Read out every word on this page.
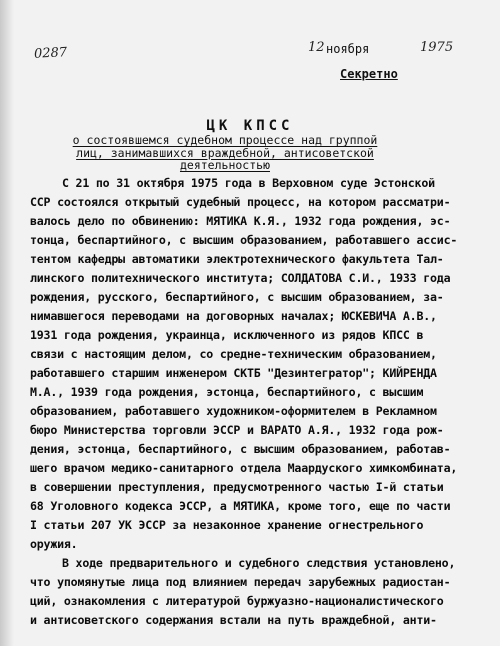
0287	12 ноября	1975
Секретно
ЦК КПСС
о состоявшемся судебном процессе над группой
лиц, занимавшихся враждебной, антисоветской
деятельностью

С 21 по 31 октября 1975 года в Верховном суде Эстонской
ССР состоялся открытый судебный процесс, на котором рассматри-
валось дело по обвинению: МЯТИКА К.Я., 1932 года рождения, эс-
тонца, беспартийного, с высшим образованием, работавшего ассис-
тентом кафедры автоматики электротехнического факультета Тал-
линского политехнического института; СОЛДАТОВА С.И., 1933 года
рождения, русского, беспартийного, с высшим образованием, за-
нимавшегося переводами на договорных началах; ЮСКЕВИЧА А.В.,
1931 года рождения, украинца, исключенного из рядов КПСС в
связи с настоящим делом, со средне-техническим образованием,
работавшего старшим инженером СКТБ "Дезинтегратор"; КИЙРЕНДА
М.А., 1939 года рождения, эстонца, беспартийного, с высшим
образованием, работавшего художником-оформителем в Рекламном
бюро Министерства торговли ЭССР и ВАРАТО А.Я., 1932 года рож-
дения, эстонца, беспартийного, с высшим образованием, работав-
шего врачом медико-санитарного отдела Маардуского химкомбината,
в совершении преступления, предусмотренного частью I-й статьи
68 Уголовного кодекса ЭССР, а МЯТИКА, кроме того, еще по части
I статьи 207 УК ЭССР за незаконное хранение огнестрельного
оружия.

В ходе предварительного и судебного следствия установлено,
что упомянутые лица под влиянием передач зарубежных радиостан-
ций, ознакомления с литературой буржуазно-националистического
и антисоветского содержания встали на путь враждебной, анти-
